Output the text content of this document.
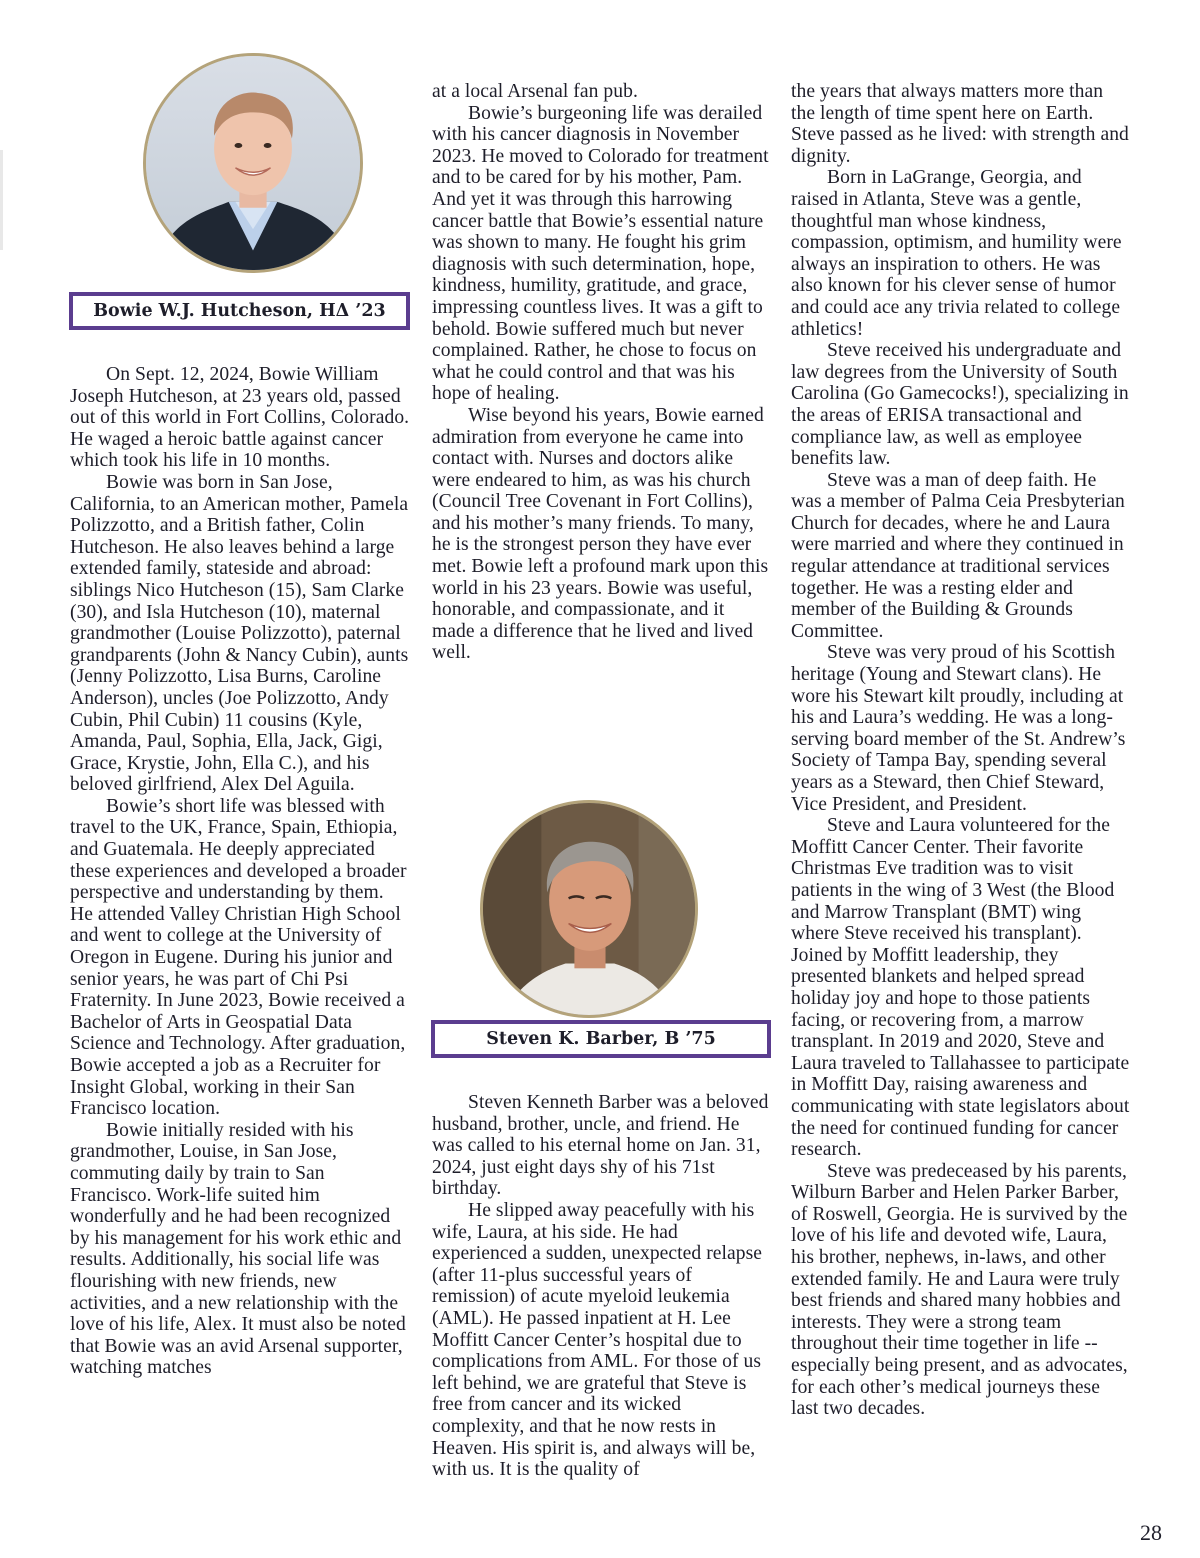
Bowie W.J. Hutcheson, HΔ ’23

On Sept. 12, 2024, Bowie William Joseph Hutcheson, at 23 years old, passed out of this world in Fort Collins, Colorado. He waged a heroic battle against cancer which took his life in 10 months.

Bowie was born in San Jose, California, to an American mother, Pamela Polizzotto, and a British father, Colin Hutcheson. He also leaves behind a large extended family, stateside and abroad: siblings Nico Hutcheson (15), Sam Clarke (30), and Isla Hutcheson (10), maternal grandmother (Louise Polizzotto), paternal grandparents (John & Nancy Cubin), aunts (Jenny Polizzotto, Lisa Burns, Caroline Anderson), uncles (Joe Polizzotto, Andy Cubin, Phil Cubin) 11 cousins (Kyle, Amanda, Paul, Sophia, Ella, Jack, Gigi, Grace, Krystie, John, Ella C.), and his beloved girlfriend, Alex Del Aguila.

Bowie’s short life was blessed with travel to the UK, France, Spain, Ethiopia, and Guatemala. He deeply appreciated these experiences and developed a broader perspective and understanding by them. He attended Valley Christian High School and went to college at the University of Oregon in Eugene. During his junior and senior years, he was part of Chi Psi Fraternity. In June 2023, Bowie received a Bachelor of Arts in Geospatial Data Science and Technology. After graduation, Bowie accepted a job as a Recruiter for Insight Global, working in their San Francisco location.

Bowie initially resided with his grandmother, Louise, in San Jose, commuting daily by train to San Francisco. Work-life suited him wonderfully and he had been recognized by his management for his work ethic and results. Additionally, his social life was flourishing with new friends, new activities, and a new relationship with the love of his life, Alex. It must also be noted that Bowie was an avid Arsenal supporter, watching matches

at a local Arsenal fan pub.

Bowie’s burgeoning life was derailed with his cancer diagnosis in November 2023. He moved to Colorado for treatment and to be cared for by his mother, Pam. And yet it was through this harrowing cancer battle that Bowie’s essential nature was shown to many. He fought his grim diagnosis with such determination, hope, kindness, humility, gratitude, and grace, impressing countless lives. It was a gift to behold. Bowie suffered much but never complained. Rather, he chose to focus on what he could control and that was his hope of healing.

Wise beyond his years, Bowie earned admiration from everyone he came into contact with. Nurses and doctors alike were endeared to him, as was his church (Council Tree Covenant in Fort Collins), and his mother’s many friends. To many, he is the strongest person they have ever met. Bowie left a profound mark upon this world in his 23 years. Bowie was useful, honorable, and compassionate, and it made a difference that he lived and lived well.

Steven K. Barber, B ’75

Steven Kenneth Barber was a beloved husband, brother, uncle, and friend. He was called to his eternal home on Jan. 31, 2024, just eight days shy of his 71st birthday.

He slipped away peacefully with his wife, Laura, at his side. He had experienced a sudden, unexpected relapse (after 11-plus successful years of remission) of acute myeloid leukemia (AML). He passed inpatient at H. Lee Moffitt Cancer Center’s hospital due to complications from AML. For those of us left behind, we are grateful that Steve is free from cancer and its wicked complexity, and that he now rests in Heaven. His spirit is, and always will be, with us. It is the quality of

the years that always matters more than the length of time spent here on Earth. Steve passed as he lived: with strength and dignity.

Born in LaGrange, Georgia, and raised in Atlanta, Steve was a gentle, thoughtful man whose kindness, compassion, optimism, and humility were always an inspiration to others. He was also known for his clever sense of humor and could ace any trivia related to college athletics!

Steve received his undergraduate and law degrees from the University of South Carolina (Go Gamecocks!), specializing in the areas of ERISA transactional and compliance law, as well as employee benefits law.

Steve was a man of deep faith. He was a member of Palma Ceia Presbyterian Church for decades, where he and Laura were married and where they continued in regular attendance at traditional services together. He was a resting elder and member of the Building & Grounds Committee.

Steve was very proud of his Scottish heritage (Young and Stewart clans). He wore his Stewart kilt proudly, including at his and Laura’s wedding. He was a long-serving board member of the St. Andrew’s Society of Tampa Bay, spending several years as a Steward, then Chief Steward, Vice President, and President.

Steve and Laura volunteered for the Moffitt Cancer Center. Their favorite Christmas Eve tradition was to visit patients in the wing of 3 West (the Blood and Marrow Transplant (BMT) wing where Steve received his transplant). Joined by Moffitt leadership, they presented blankets and helped spread holiday joy and hope to those patients facing, or recovering from, a marrow transplant. In 2019 and 2020, Steve and Laura traveled to Tallahassee to participate in Moffitt Day, raising awareness and communicating with state legislators about the need for continued funding for cancer research.

Steve was predeceased by his parents, Wilburn Barber and Helen Parker Barber, of Roswell, Georgia. He is survived by the love of his life and devoted wife, Laura, his brother, nephews, in-laws, and other extended family. He and Laura were truly best friends and shared many hobbies and interests. They were a strong team throughout their time together in life -- especially being present, and as advocates, for each other’s medical journeys these last two decades.

28
